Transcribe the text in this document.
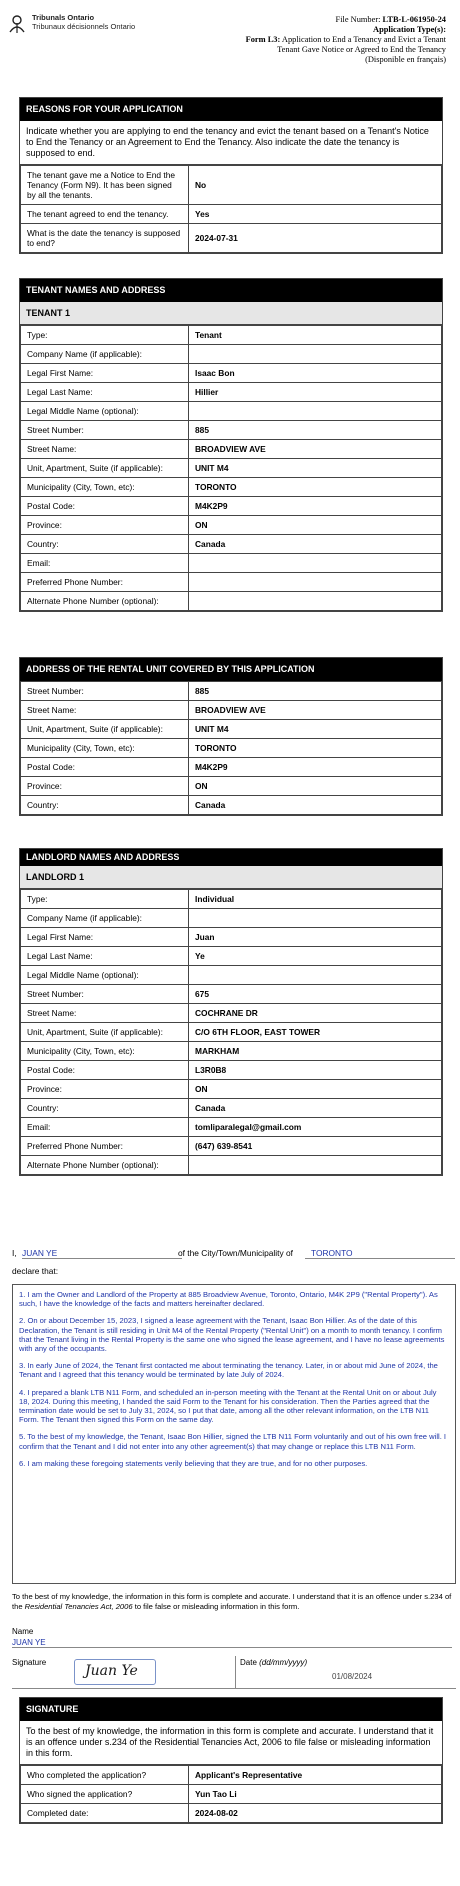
Tribunals Ontario
Tribunaux décisionnels Ontario
File Number: LTB-L-061950-24
Application Type(s):
Form L3: Application to End a Tenancy and Evict a Tenant
Tenant Gave Notice or Agreed to End the Tenancy
(Disponible en français)
REASONS FOR YOUR APPLICATION
Indicate whether you are applying to end the tenancy and evict the tenant based on a Tenant's Notice to End the Tenancy or an Agreement to End the Tenancy. Also indicate the date the tenancy is supposed to end.
The tenant gave me a Notice to End the Tenancy (Form N9). It has been signed by all the tenants.	No
The tenant agreed to end the tenancy.	Yes
What is the date the tenancy is supposed to end?	2024-07-31
TENANT NAMES AND ADDRESS
TENANT 1
Type:	Tenant
Company Name (if applicable):	
Legal First Name:	Isaac Bon
Legal Last Name:	Hillier
Legal Middle Name (optional):	
Street Number:	885
Street Name:	BROADVIEW AVE
Unit, Apartment, Suite (if applicable):	UNIT M4
Municipality (City, Town, etc):	TORONTO
Postal Code:	M4K2P9
Province:	ON
Country:	Canada
Email:	
Preferred Phone Number:	
Alternate Phone Number (optional):	
ADDRESS OF THE RENTAL UNIT COVERED BY THIS APPLICATION
Street Number:	885
Street Name:	BROADVIEW AVE
Unit, Apartment, Suite (if applicable):	UNIT M4
Municipality (City, Town, etc):	TORONTO
Postal Code:	M4K2P9
Province:	ON
Country:	Canada
LANDLORD NAMES AND ADDRESS
LANDLORD 1
Type:	Individual
Company Name (if applicable):	
Legal First Name:	Juan
Legal Last Name:	Ye
Legal Middle Name (optional):	
Street Number:	675
Street Name:	COCHRANE DR
Unit, Apartment, Suite (if applicable):	C/O 6TH FLOOR, EAST TOWER
Municipality (City, Town, etc):	MARKHAM
Postal Code:	L3R0B8
Province:	ON
Country:	Canada
Email:	tomliparalegal@gmail.com
Preferred Phone Number:	(647) 639-8541
Alternate Phone Number (optional):	
I, JUAN YE	of the City/Town/Municipality of	TORONTO
declare that:

1. I am the Owner and Landlord of the Property at 885 Broadview Avenue, Toronto, Ontario, M4K 2P9 ("Rental Property"). As such, I have the knowledge of the facts and matters hereinafter declared.

2. On or about December 15, 2023, I signed a lease agreement with the Tenant, Isaac Bon Hillier. As of the date of this Declaration, the Tenant is still residing in Unit M4 of the Rental Property ("Rental Unit") on a month to month tenancy. I confirm that the Tenant living in the Rental Property is the same one who signed the lease agreement, and I have no lease agreements with any of the occupants.

3. In early June of 2024, the Tenant first contacted me about terminating the tenancy. Later, in or about mid June of 2024, the Tenant and I agreed that this tenancy would be terminated by late July of 2024.

4. I prepared a blank LTB N11 Form, and scheduled an in-person meeting with the Tenant at the Rental Unit on or about July 18, 2024. During this meeting, I handed the said Form to the Tenant for his consideration. Then the Parties agreed that the termination date would be set to July 31, 2024, so I put that date, among all the other relevant information, on the LTB N11 Form. The Tenant then signed this Form on the same day.

5. To the best of my knowledge, the Tenant, Isaac Bon Hillier, signed the LTB N11 Form voluntarily and out of his own free will. I confirm that the Tenant and I did not enter into any other agreement(s) that may change or replace this LTB N11 Form.

6. I am making these foregoing statements verily believing that they are true, and for no other purposes.

To the best of my knowledge, the information in this form is complete and accurate. I understand that it is an offence under s.234 of the Residential Tenancies Act, 2006 to file false or misleading information in this form.
Name
JUAN YE
Signature
Juan Ye
Date (dd/mm/yyyy)
01/08/2024
SIGNATURE
To the best of my knowledge, the information in this form is complete and accurate. I understand that it is an offence under s.234 of the Residential Tenancies Act, 2006 to file false or misleading information in this form.
Who completed the application?	Applicant's Representative
Who signed the application?	Yun Tao Li
Completed date:	2024-08-02
